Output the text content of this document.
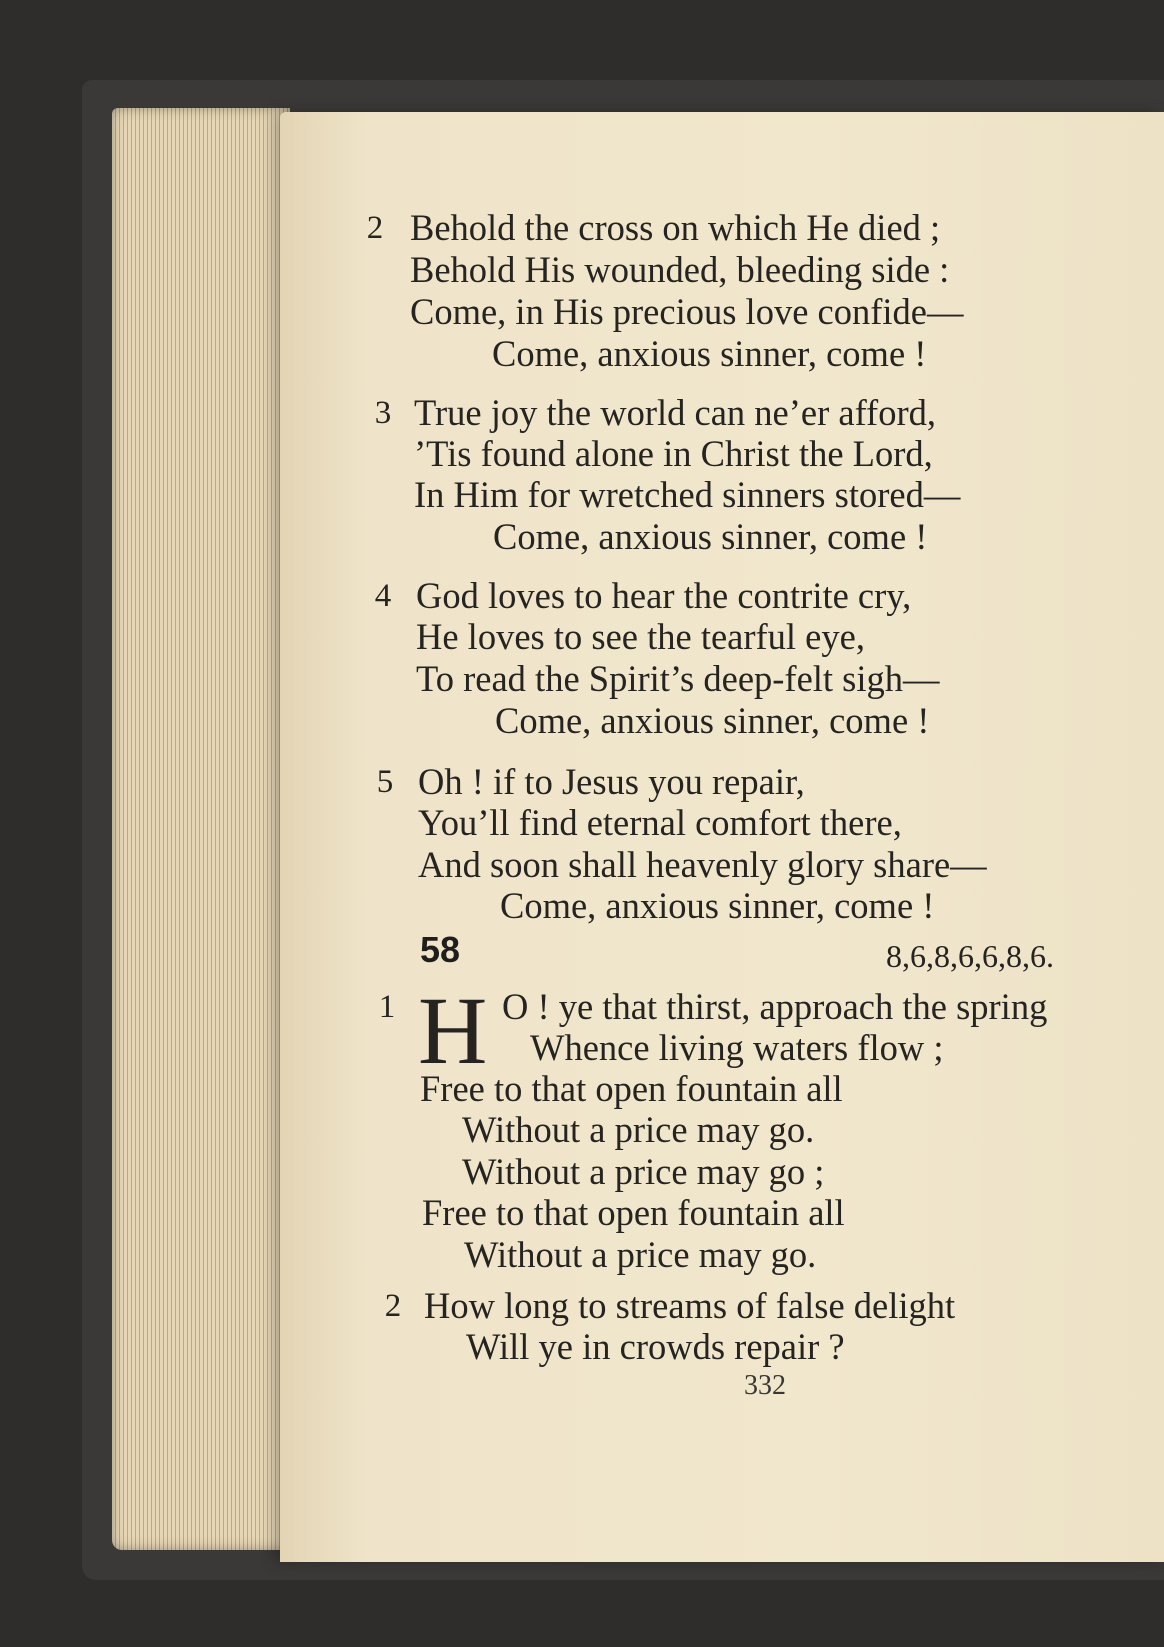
2 Behold the cross on which He died ;
Behold His wounded, bleeding side :
Come, in His precious love confide—
Come, anxious sinner, come !
3 True joy the world can ne’er afford,
’Tis found alone in Christ the Lord,
In Him for wretched sinners stored—
Come, anxious sinner, come !
4 God loves to hear the contrite cry,
He loves to see the tearful eye,
To read the Spirit’s deep-felt sigh—
Come, anxious sinner, come !
5 Oh ! if to Jesus you repair,
You’ll find eternal comfort there,
And soon shall heavenly glory share—
Come, anxious sinner, come !
58	8,6,8,6,6,8,6.
1 H O ! ye that thirst, approach the spring
Whence living waters flow ;
Free to that open fountain all
Without a price may go.
Without a price may go ;
Free to that open fountain all
Without a price may go.
2 How long to streams of false delight
Will ye in crowds repair ?
332
